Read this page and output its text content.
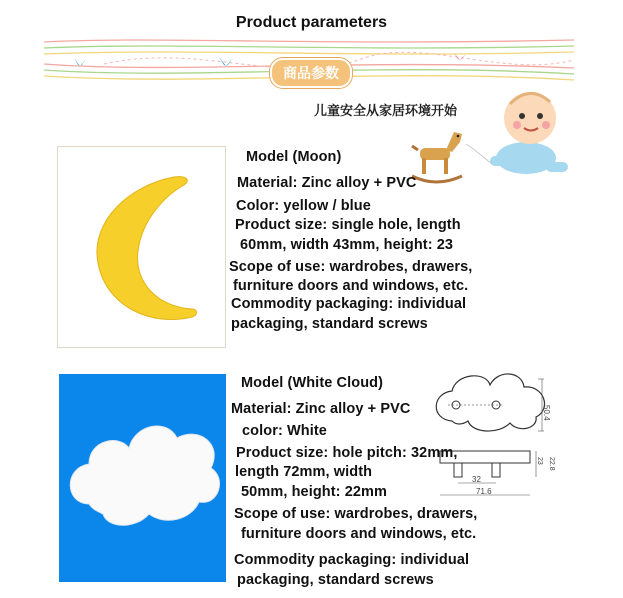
Product parameters
商品参数
儿童安全从家居环境开始
Model (Moon)
Material: Zinc alloy + PVC
Color: yellow / blue
Product size: single hole, length
60mm, width 43mm, height: 23
Scope of use: wardrobes, drawers,
furniture doors and windows, etc.
Commodity packaging: individual
packaging, standard screws
50.4
32
71.6
23 22.8
Model (White Cloud)
Material: Zinc alloy + PVC
color: White
Product size: hole pitch: 32mm,
length 72mm, width
50mm, height: 22mm
Scope of use: wardrobes, drawers,
furniture doors and windows, etc.
Commodity packaging: individual
packaging, standard screws
